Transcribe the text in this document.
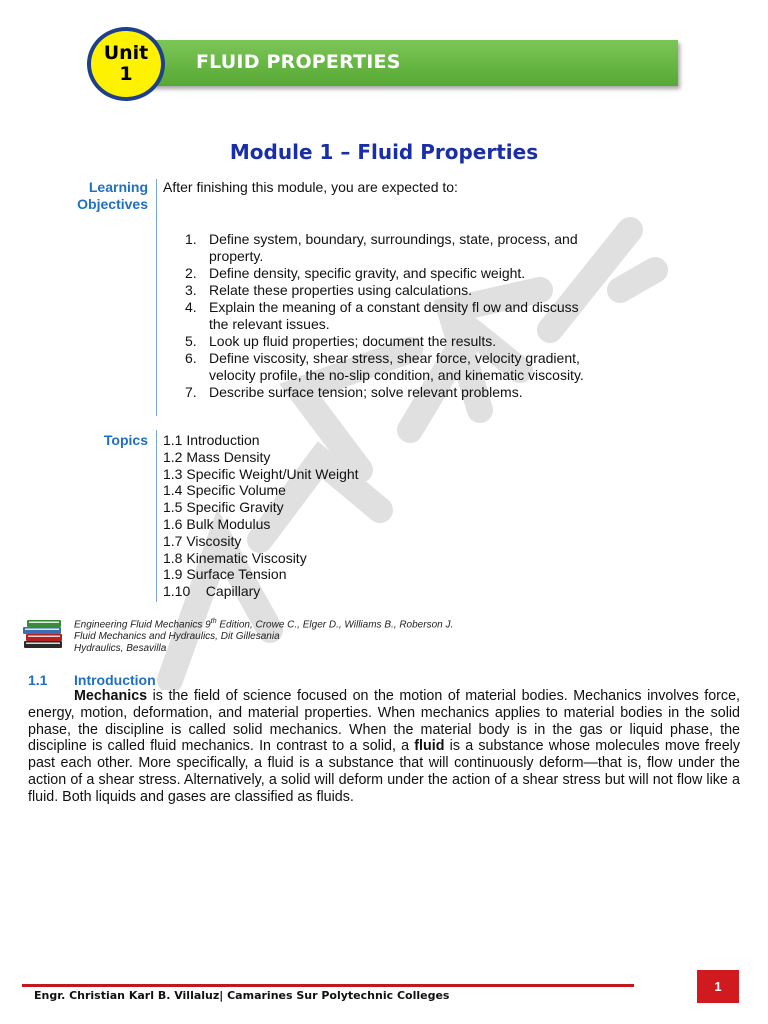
FLUID PROPERTIES
Unit
1
Module 1 – Fluid Properties
Learning
Objectives
After finishing this module, you are expected to:
1. Define system, boundary, surroundings, state, process, and property.
2. Define density, specific gravity, and specific weight.
3. Relate these properties using calculations.
4. Explain the meaning of a constant density fl ow and discuss the relevant issues.
5. Look up fluid properties; document the results.
6. Define viscosity, shear stress, shear force, velocity gradient, velocity profile, the no-slip condition, and kinematic viscosity.
7. Describe surface tension; solve relevant problems.
Topics 1.1 Introduction
1.2 Mass Density
1.3 Specific Weight/Unit Weight
1.4 Specific Volume
1.5 Specific Gravity
1.6 Bulk Modulus
1.7 Viscosity
1.8 Kinematic Viscosity
1.9 Surface Tension
1.10    Capillary
Engineering Fluid Mechanics 9th Edition, Crowe C., Elger D., Williams B., Roberson J.
Fluid Mechanics and Hydraulics, Dit Gillesania
Hydraulics, Besavilla
1.1 Introduction
Mechanics is the field of science focused on the motion of material bodies. Mechanics involves force, energy, motion, deformation, and material properties. When mechanics applies to material bodies in the solid phase, the discipline is called solid mechanics. When the material body is in the gas or liquid phase, the discipline is called fluid mechanics. In contrast to a solid, a fluid is a substance whose molecules move freely past each other. More specifically, a fluid is a substance that will continuously deform—that is, flow under the action of a shear stress. Alternatively, a solid will deform under the action of a shear stress but will not flow like a fluid. Both liquids and gases are classified as fluids.
Engr. Christian Karl B. Villaluz| Camarines Sur Polytechnic Colleges
1
